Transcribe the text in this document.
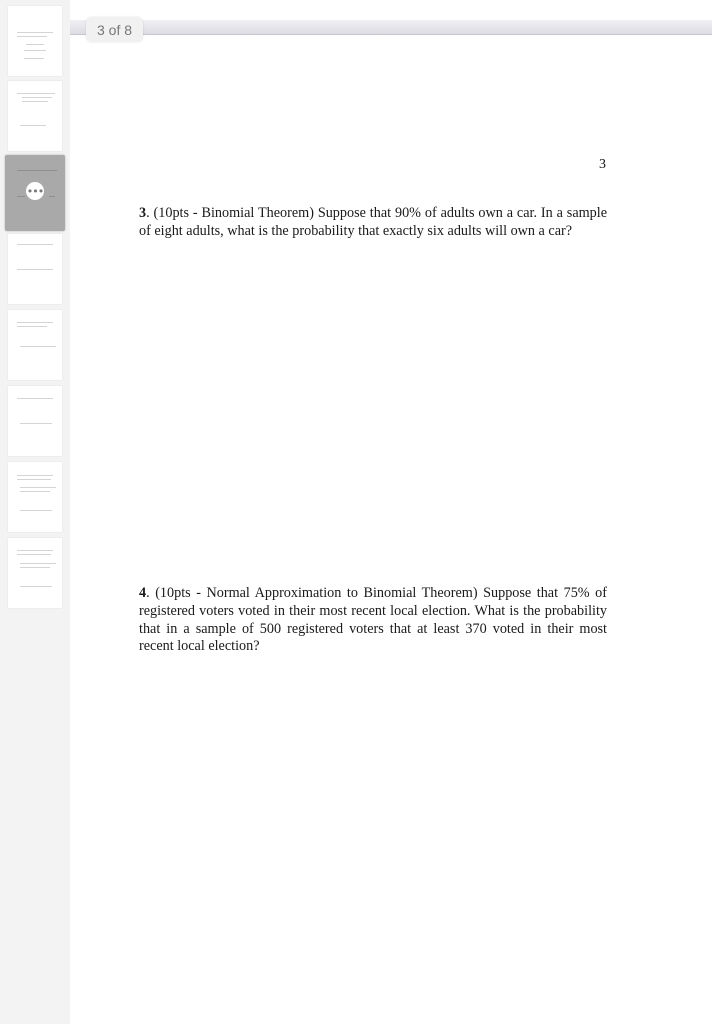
•••
3 of 8
3

3. (10pts - Binomial Theorem) Suppose that 90% of adults own a car. In a sample of eight adults, what is the probability that exactly six adults will own a car?

4. (10pts - Normal Approximation to Binomial Theorem) Suppose that 75% of registered voters voted in their most recent local election. What is the probability that in a sample of 500 registered voters that at least 370 voted in their most recent local election?
